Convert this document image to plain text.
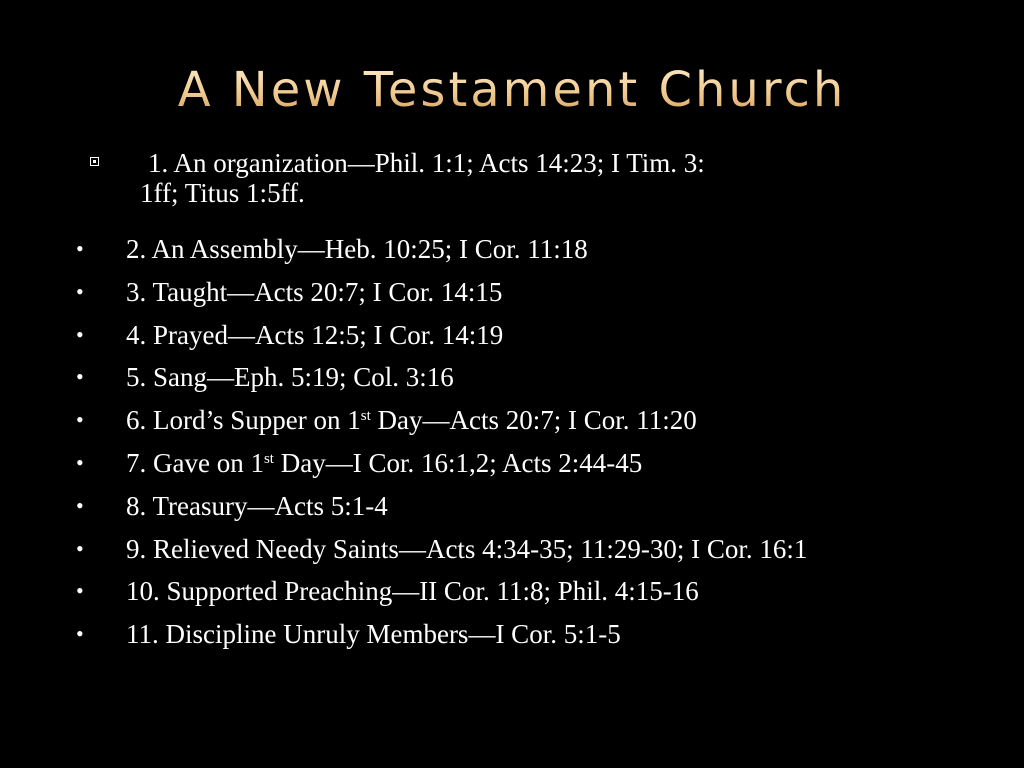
A New Testament Church
1. An organization—Phil. 1:1; Acts 14:23; I Tim. 3:
1ff; Titus 1:5ff.
•	2. An Assembly—Heb. 10:25; I Cor. 11:18
•	3. Taught—Acts 20:7; I Cor. 14:15
•	4. Prayed—Acts 12:5; I Cor. 14:19
•	5. Sang—Eph. 5:19; Col. 3:16
•	6. Lord’s Supper on 1st Day—Acts 20:7; I Cor. 11:20
•	7. Gave on 1st Day—I Cor. 16:1,2; Acts 2:44-45
•	8. Treasury—Acts 5:1-4
•	9. Relieved Needy Saints—Acts 4:34-35; 11:29-30; I Cor. 16:1
•	10. Supported Preaching—II Cor. 11:8; Phil. 4:15-16
•	11. Discipline Unruly Members—I Cor. 5:1-5
